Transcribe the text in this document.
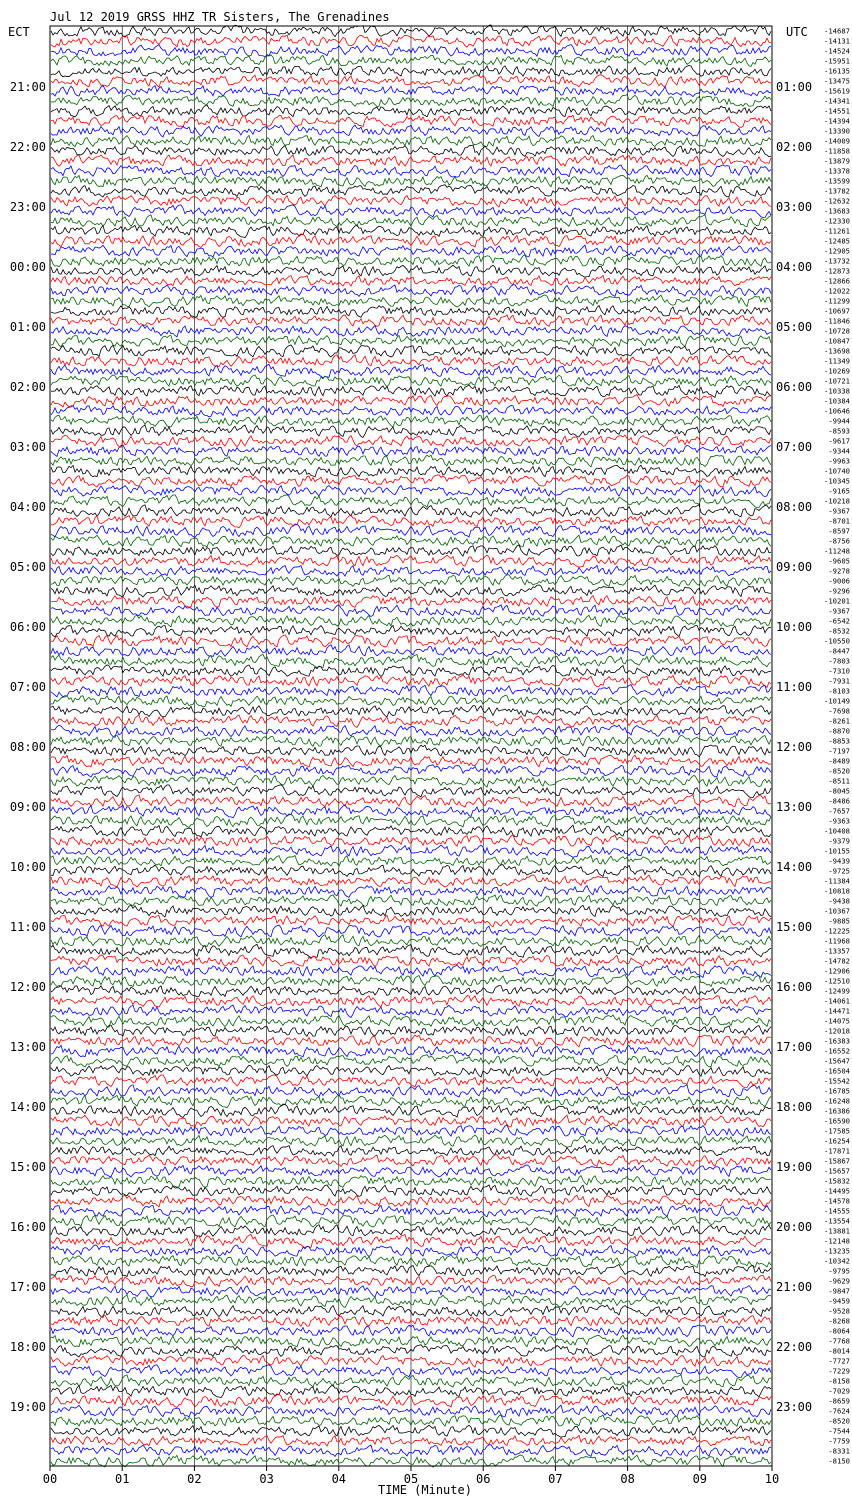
Jul 12 2019 GRSS HHZ TR Sisters, The Grenadines
ECT	UTC
21:00
22:00
23:00
00:00
01:00
02:00
03:00
04:00
05:00
06:00
07:00
08:00
09:00
10:00
11:00
12:00
13:00
14:00
15:00
16:00
17:00
18:00
19:00
01:00
02:00
03:00
04:00
05:00
06:00
07:00
08:00
09:00
10:00
11:00
12:00
13:00
14:00
15:00
16:00
17:00
18:00
19:00
20:00
21:00
22:00
23:00
-14687
-14131
-14524
-15951
-16135
-13475
-15619
-14341
-14551
-14394
-13390
-14009
-11858
-13879
-13378
-13599
-13782
-12632
-13683
-12330
-11261
-12485
-12905
-13732
-12873
-12866
-12022
-11299
-10697
-11846
-10728
-10847
-13698
-11349
-10269
-10721
-10338
-10384
-10646
-9944
-8593
-9617
-9344
-9963
-10740
-10345
-9165
-10218
-9367
-8701
-8597
-8756
-11248
-9605
-9278
-9006
-9296
-10201
-9367
-6542
-8532
-10550
-8447
-7803
-7310
-7931
-8103
-10149
-7698
-8261
-8870
-8853
-7197
-8489
-8520
-8511
-8045
-8486
-7657
-9363
-10408
-9379
-10155
-9439
-9725
-11384
-10818
-9438
-10367
-9885
-12225
-11968
-13357
-14782
-12906
-12510
-12499
-14061
-14471
-14075
-12018
-16383
-16552
-15647
-16504
-15542
-16785
-16248
-16386
-16590
-17585
-16254
-17871
-15867
-15657
-15832
-14495
-14578
-14555
-13554
-13881
-12148
-13235
-10342
-9795
-9629
-9847
-9459
-9528
-8268
-8064
-7768
-8014
-7727
-7229
-8158
-7029
-8659
-7624
-8520
-7544
-7759
-8331
-8150
00	01	02	03	04	05	06	07	08	09	10
TIME (Minute)
